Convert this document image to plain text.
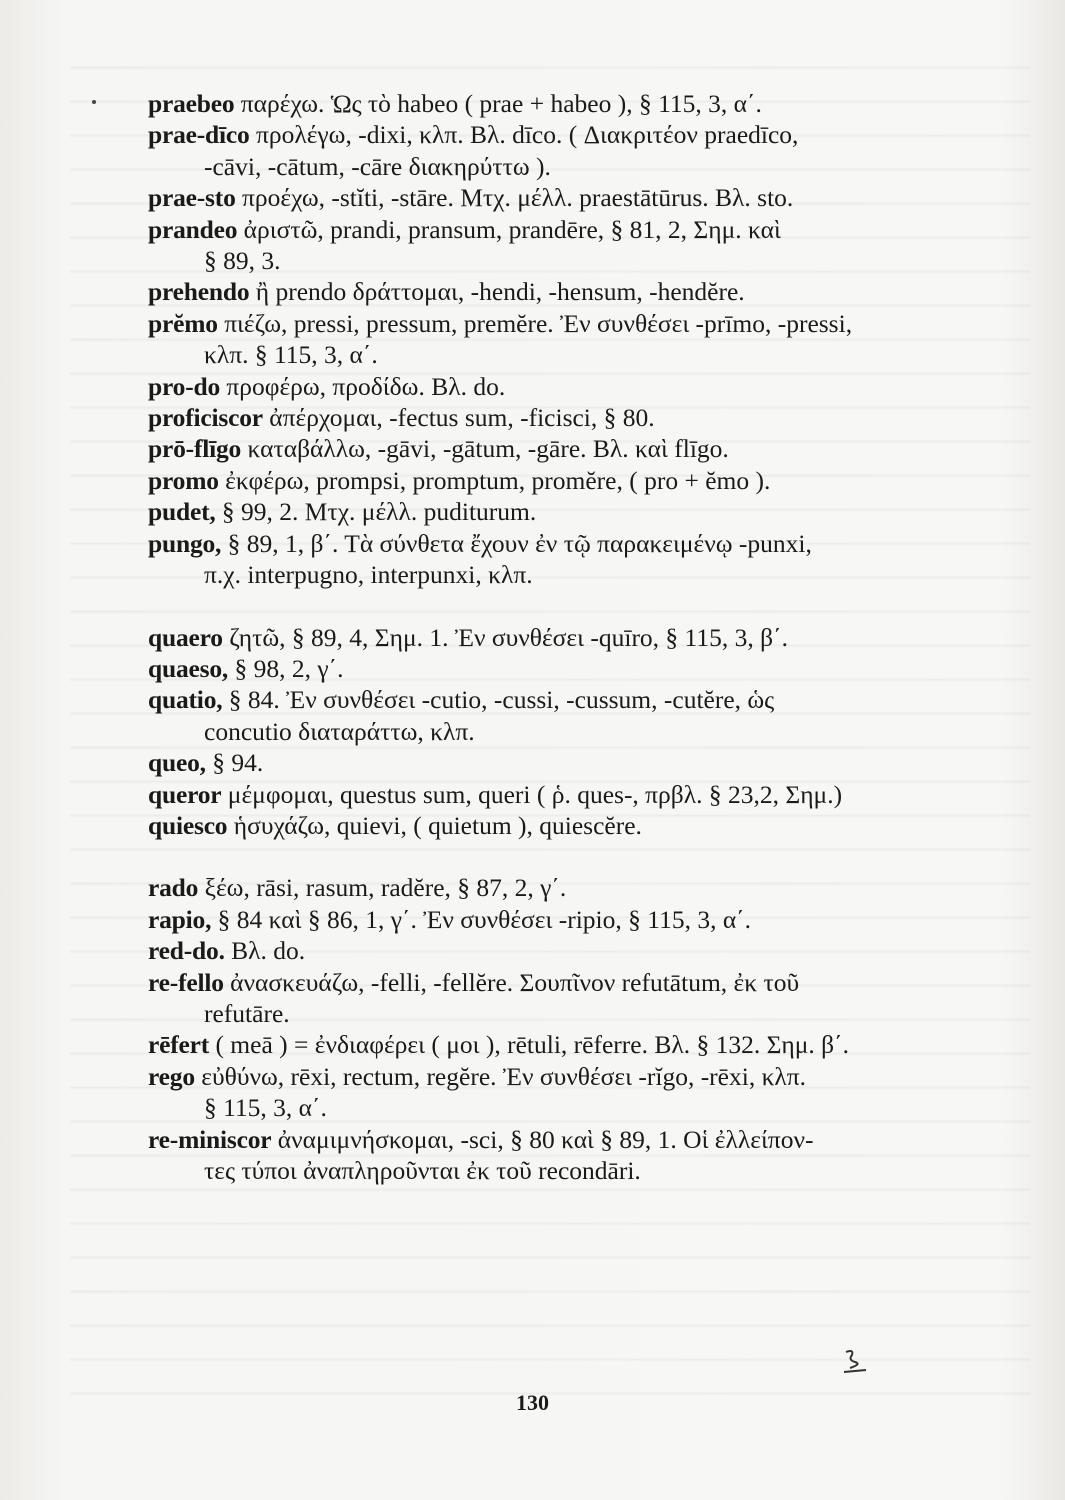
praebeo παρέχω. Ὡς τὸ habeo ( prae + habeo ), § 115, 3, α΄.
prae-dīco προλέγω, -dixi, κλπ. Βλ. dīco. ( Διακριτέον praedīco,
-cāvi, -cātum, -cāre διακηρύττω ).
prae-sto προέχω, -stĭti, -stāre. Μτχ. μέλλ. praestātūrus. Βλ. sto.
prandeo ἀριστῶ, prandi, pransum, prandēre, § 81, 2, Σημ. καὶ
§ 89, 3.
prehendo ἢ prendo δράττομαι, -hendi, -hensum, -hendĕre.
prĕmo πιέζω, pressi, pressum, premĕre. Ἐν συνθέσει -prīmo, -pressi,
κλπ. § 115, 3, α΄.
pro-do προφέρω, προδίδω. Βλ. do.
proficiscor ἀπέρχομαι, -fectus sum, -ficisci, § 80.
prō-flīgo καταβάλλω, -gāvi, -gātum, -gāre. Βλ. καὶ flīgo.
promo ἐκφέρω, prompsi, promptum, promĕre, ( pro + ĕmo ).
pudet, § 99, 2. Μτχ. μέλλ. puditurum.
pungo, § 89, 1, β΄. Τὰ σύνθετα ἔχουν ἐν τῷ παρακειμένῳ -punxi,
π.χ. interpugno, interpunxi, κλπ.
quaero ζητῶ, § 89, 4, Σημ. 1. Ἐν συνθέσει -quīro, § 115, 3, β΄.
quaeso, § 98, 2, γ΄.
quatio, § 84. Ἐν συνθέσει -cutio, -cussi, -cussum, -cutĕre, ὡς
concutio διαταράττω, κλπ.
queo, § 94.
queror μέμφομαι, questus sum, queri ( ῥ. ques-, πρβλ. § 23,2, Σημ.)
quiesco ἡσυχάζω, quievi, ( quietum ), quiescĕre.
rado ξέω, rāsi, rasum, radĕre, § 87, 2, γ΄.
rapio, § 84 καὶ § 86, 1, γ΄. Ἐν συνθέσει -ripio, § 115, 3, α΄.
red-do. Βλ. do.
re-fello ἀνασκευάζω, -felli, -fellĕre. Σουπῖνον refutātum, ἐκ τοῦ
refutāre.
rēfert ( meā ) = ἐνδιαφέρει ( μοι ), rētuli, rēferre. Βλ. § 132. Σημ. β΄.
rego εὐθύνω, rēxi, rectum, regĕre. Ἐν συνθέσει -rĭgo, -rēxi, κλπ.
§ 115, 3, α΄.
re-miniscor ἀναμιμνήσκομαι, -sci, § 80 καὶ § 89, 1. Οἱ ἐλλείπον-
τες τύποι ἀναπληροῦνται ἐκ τοῦ recondāri.
130
